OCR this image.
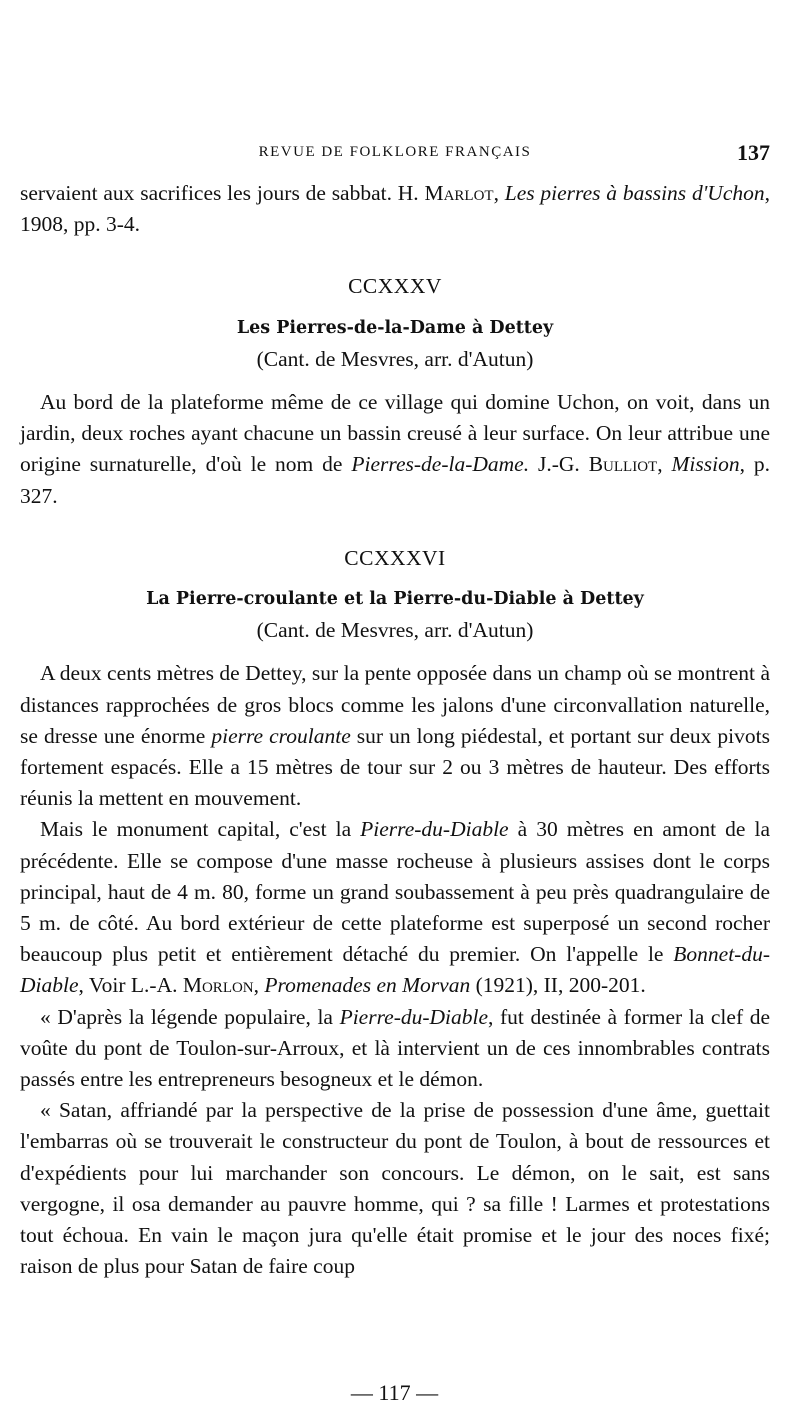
REVUE DE FOLKLORE FRANÇAIS	137

servaient aux sacrifices les jours de sabbat. H. Marlot, Les pierres à bassins d'Uchon, 1908, pp. 3-4.

CCXXXV
Les Pierres-de-la-Dame à Dettey
(Cant. de Mesvres, arr. d'Autun)

Au bord de la plateforme même de ce village qui domine Uchon, on voit, dans un jardin, deux roches ayant chacune un bassin creusé à leur surface. On leur attribue une origine surnaturelle, d'où le nom de Pierres-de-la-Dame. J.-G. Bulliot, Mission, p. 327.

CCXXXVI
La Pierre-croulante et la Pierre-du-Diable à Dettey
(Cant. de Mesvres, arr. d'Autun)

A deux cents mètres de Dettey, sur la pente opposée dans un champ où se montrent à distances rapprochées de gros blocs comme les jalons d'une circonvallation naturelle, se dresse une énorme pierre croulante sur un long piédestal, et portant sur deux pivots fortement espacés. Elle a 15 mètres de tour sur 2 ou 3 mètres de hauteur. Des efforts réunis la mettent en mouvement.

Mais le monument capital, c'est la Pierre-du-Diable à 30 mètres en amont de la précédente. Elle se compose d'une masse rocheuse à plusieurs assises dont le corps principal, haut de 4 m. 80, forme un grand soubassement à peu près quadrangulaire de 5 m. de côté. Au bord extérieur de cette plateforme est superposé un second rocher beaucoup plus petit et entièrement détaché du premier. On l'appelle le Bonnet-du-Diable, Voir L.-A. Morlon, Promenades en Morvan (1921), II, 200-201.

« D'après la légende populaire, la Pierre-du-Diable, fut destinée à former la clef de voûte du pont de Toulon-sur-Arroux, et là intervient un de ces innombrables contrats passés entre les entrepreneurs besogneux et le démon.

« Satan, affriandé par la perspective de la prise de possession d'une âme, guettait l'embarras où se trouverait le constructeur du pont de Toulon, à bout de ressources et d'expédients pour lui marchander son concours. Le démon, on le sait, est sans vergogne, il osa demander au pauvre homme, qui ? sa fille ! Larmes et protestations tout échoua. En vain le maçon jura qu'elle était promise et le jour des noces fixé; raison de plus pour Satan de faire coup

— 117 —
